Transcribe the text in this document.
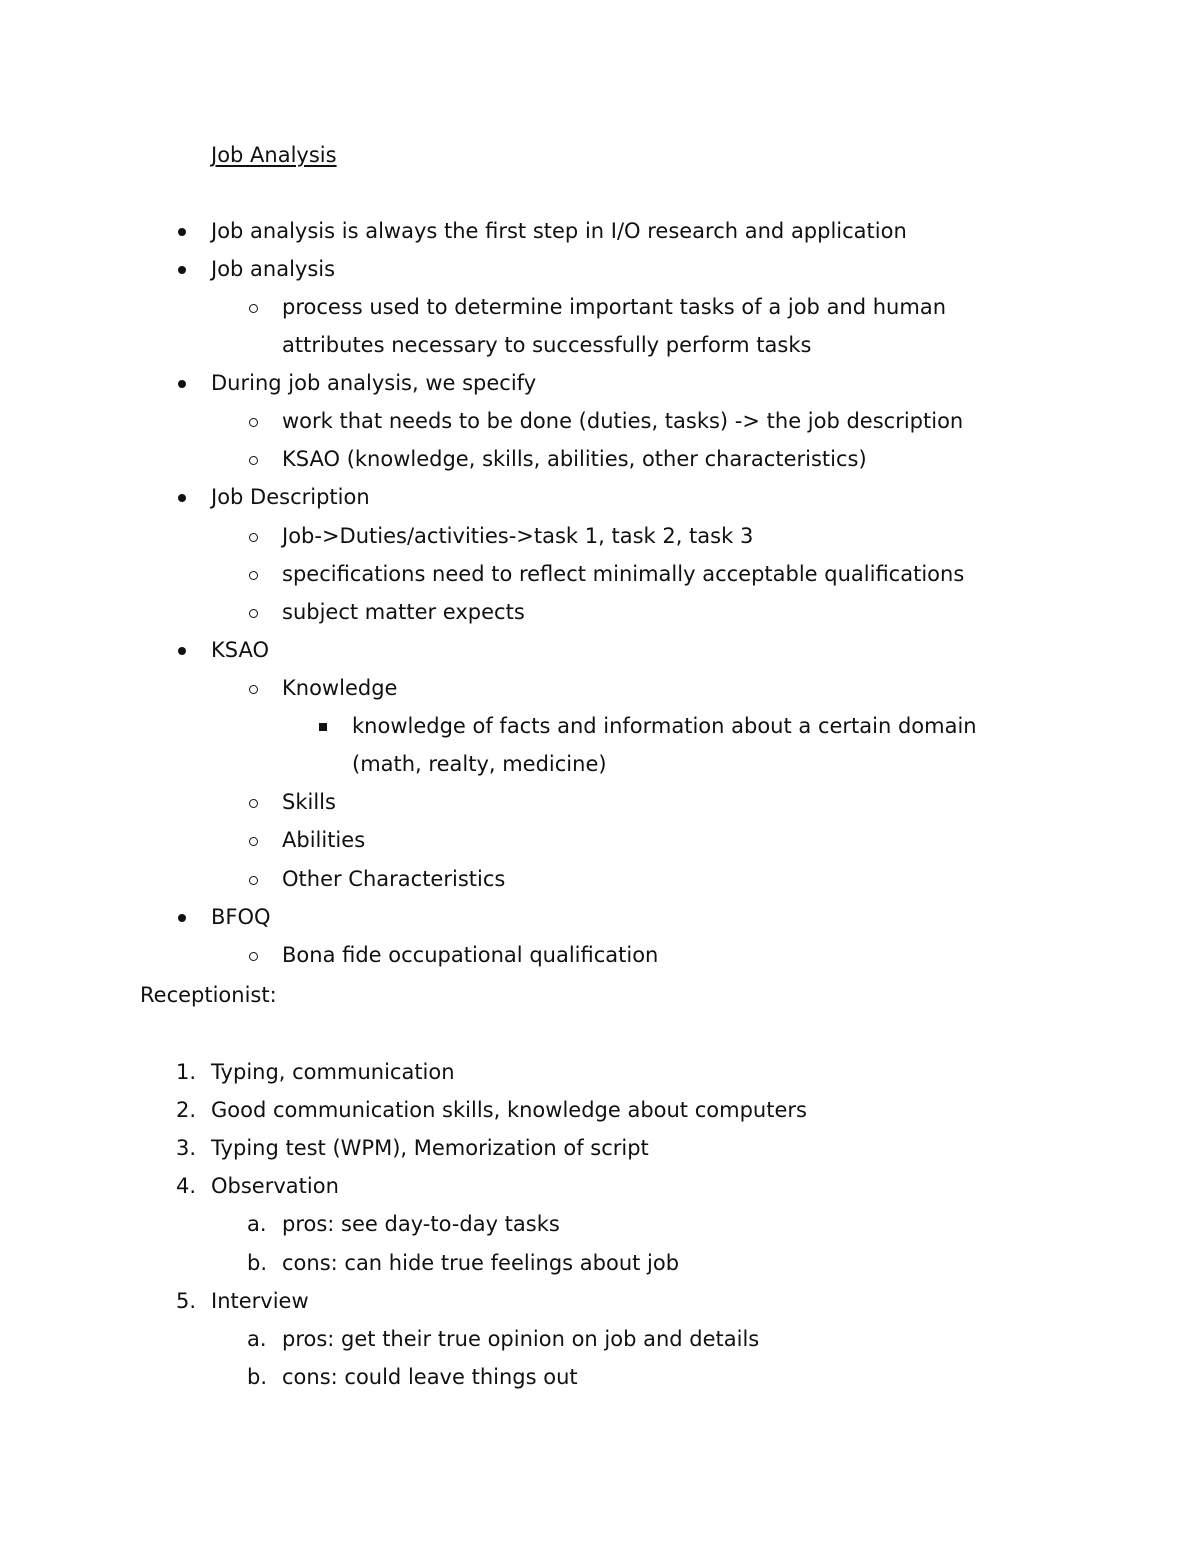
Job Analysis
Job analysis is always the first step in I/O research and application
Job analysis
process used to determine important tasks of a job and human
attributes necessary to successfully perform tasks
During job analysis, we specify
work that needs to be done (duties, tasks) -> the job description
KSAO (knowledge, skills, abilities, other characteristics)
Job Description
Job->Duties/activities->task 1, task 2, task 3
specifications need to reflect minimally acceptable qualifications
subject matter expects
KSAO
Knowledge
knowledge of facts and information about a certain domain
(math, realty, medicine)
Skills
Abilities
Other Characteristics
BFOQ
Bona fide occupational qualification
Receptionist:
1. Typing, communication
2. Good communication skills, knowledge about computers
3. Typing test (WPM), Memorization of script
4. Observation
a. pros: see day-to-day tasks
b. cons: can hide true feelings about job
5. Interview
a. pros: get their true opinion on job and details
b. cons: could leave things out
